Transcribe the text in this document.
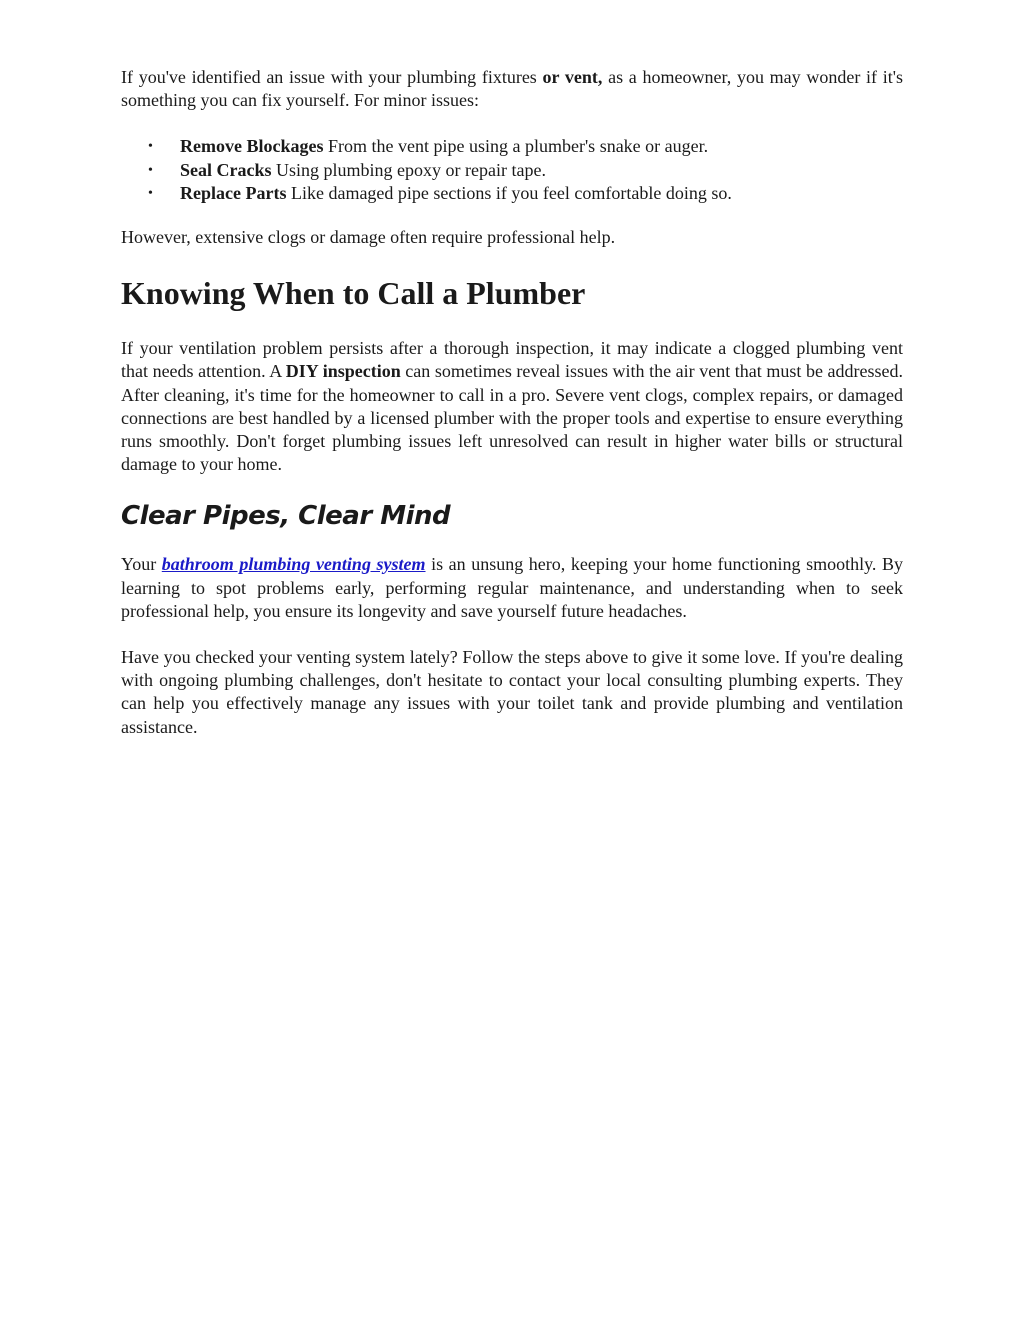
If you've identified an issue with your plumbing fixtures or vent, as a homeowner, you may wonder if it's something you can fix yourself. For minor issues:

• Remove Blockages From the vent pipe using a plumber's snake or auger.
• Seal Cracks Using plumbing epoxy or repair tape.
• Replace Parts Like damaged pipe sections if you feel comfortable doing so.

However, extensive clogs or damage often require professional help.

Knowing When to Call a Plumber

If your ventilation problem persists after a thorough inspection, it may indicate a clogged plumbing vent that needs attention. A DIY inspection can sometimes reveal issues with the air vent that must be addressed. After cleaning, it's time for the homeowner to call in a pro. Severe vent clogs, complex repairs, or damaged connections are best handled by a licensed plumber with the proper tools and expertise to ensure everything runs smoothly. Don't forget plumbing issues left unresolved can result in higher water bills or structural damage to your home.

Clear Pipes, Clear Mind

Your bathroom plumbing venting system is an unsung hero, keeping your home functioning smoothly. By learning to spot problems early, performing regular maintenance, and understanding when to seek professional help, you ensure its longevity and save yourself future headaches.

Have you checked your venting system lately? Follow the steps above to give it some love. If you're dealing with ongoing plumbing challenges, don't hesitate to contact your local consulting plumbing experts. They can help you effectively manage any issues with your toilet tank and provide plumbing and ventilation assistance.
